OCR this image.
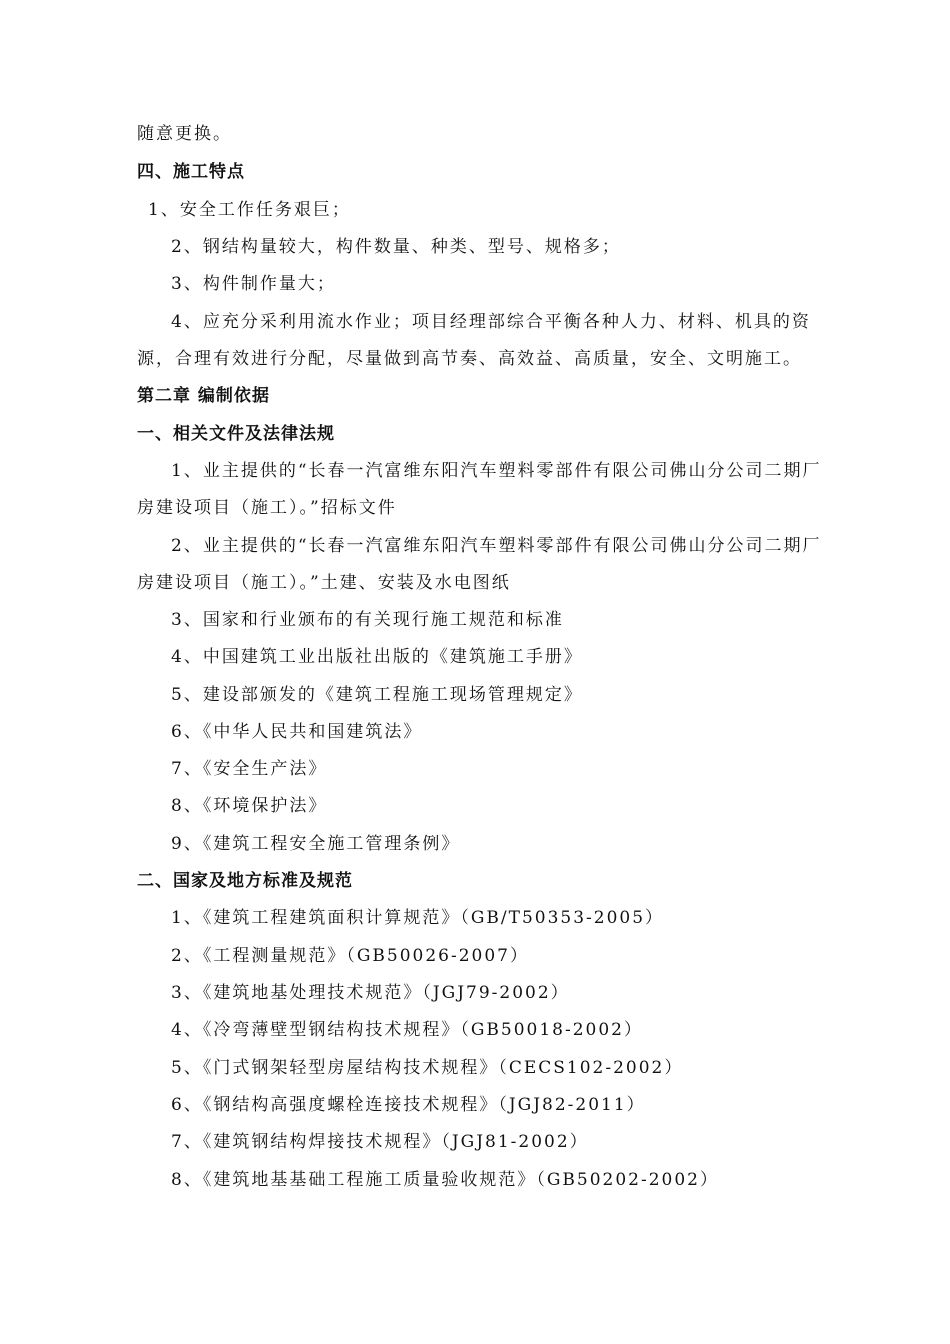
随意更换。
四、施工特点
1、安全工作任务艰巨；
2、钢结构量较大，构件数量、种类、型号、规格多；
3、构件制作量大；
4、应充分采利用流水作业；项目经理部综合平衡各种人力、材料、机具的资
源，合理有效进行分配，尽量做到高节奏、高效益、高质量，安全、文明施工。
第二章 编制依据
一、相关文件及法律法规
1、业主提供的“长春一汽富维东阳汽车塑料零部件有限公司佛山分公司二期厂
房建设项目（施工）。”招标文件
2、业主提供的“长春一汽富维东阳汽车塑料零部件有限公司佛山分公司二期厂
房建设项目（施工）。”土建、安装及水电图纸
3、国家和行业颁布的有关现行施工规范和标准
4、中国建筑工业出版社出版的《建筑施工手册》
5、建设部颁发的《建筑工程施工现场管理规定》
6、《中华人民共和国建筑法》
7、《安全生产法》
8、《环境保护法》
9、《建筑工程安全施工管理条例》
二、国家及地方标准及规范
1、《建筑工程建筑面积计算规范》（GB/T50353-2005）
2、《工程测量规范》（GB50026-2007）
3、《建筑地基处理技术规范》（JGJ79-2002）
4、《冷弯薄壁型钢结构技术规程》（GB50018-2002）
5、《门式钢架轻型房屋结构技术规程》（CECS102-2002）
6、《钢结构高强度螺栓连接技术规程》（JGJ82-2011）
7、《建筑钢结构焊接技术规程》（JGJ81-2002）
8、《建筑地基基础工程施工质量验收规范》（GB50202-2002）
